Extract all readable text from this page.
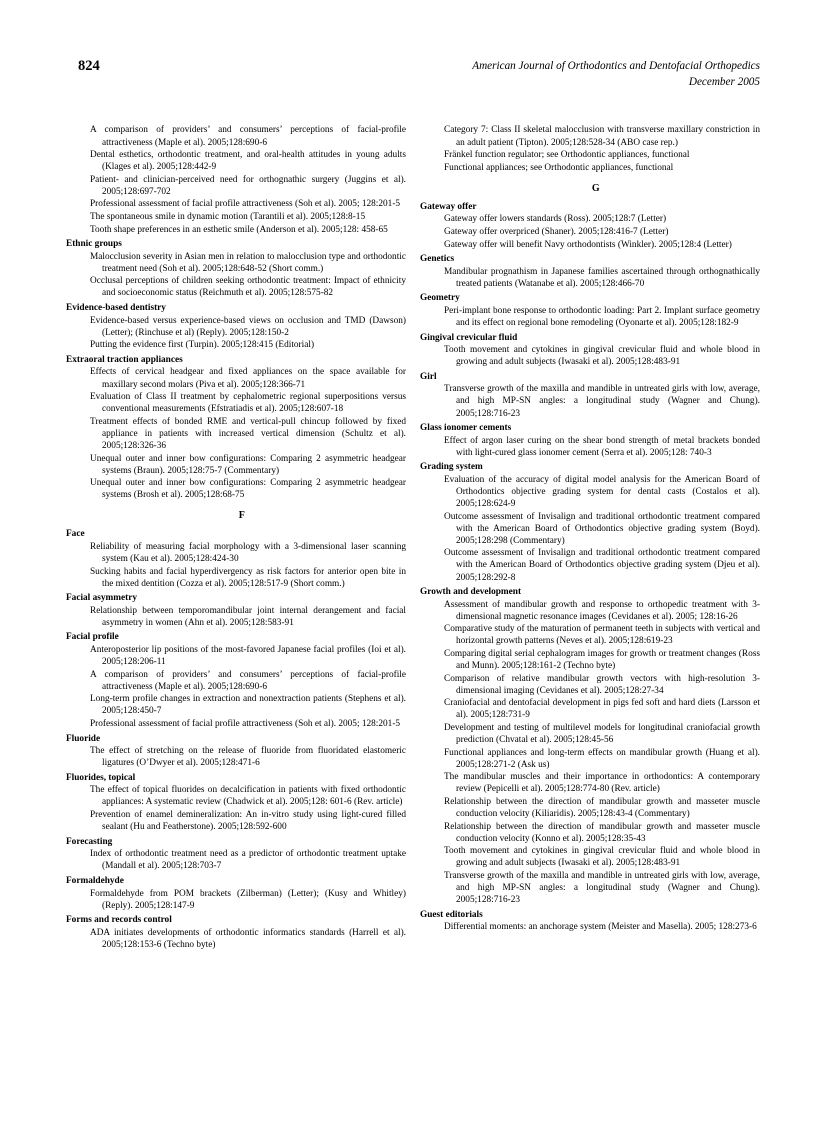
824	American Journal of Orthodontics and Dentofacial Orthopedics
December 2005
A comparison of providers’ and consumers’ perceptions of facial-profile attractiveness (Maple et al). 2005;128:690-6
Dental esthetics, orthodontic treatment, and oral-health attitudes in young adults (Klages et al). 2005;128:442-9
Patient- and clinician-perceived need for orthognathic surgery (Juggins et al). 2005;128:697-702
Professional assessment of facial profile attractiveness (Soh et al). 2005; 128:201-5
The spontaneous smile in dynamic motion (Tarantili et al). 2005;128:8-15
Tooth shape preferences in an esthetic smile (Anderson et al). 2005;128: 458-65
Ethnic groups
Malocclusion severity in Asian men in relation to malocclusion type and orthodontic treatment need (Soh et al). 2005;128:648-52 (Short comm.)
Occlusal perceptions of children seeking orthodontic treatment: Impact of ethnicity and socioeconomic status (Reichmuth et al). 2005;128:575-82
Evidence-based dentistry
Evidence-based versus experience-based views on occlusion and TMD (Dawson) (Letter); (Rinchuse et al) (Reply). 2005;128:150-2
Putting the evidence first (Turpin). 2005;128:415 (Editorial)
Extraoral traction appliances
Effects of cervical headgear and fixed appliances on the space available for maxillary second molars (Piva et al). 2005;128:366-71
Evaluation of Class II treatment by cephalometric regional superpositions versus conventional measurements (Efstratiadis et al). 2005;128:607-18
Treatment effects of bonded RME and vertical-pull chincup followed by fixed appliance in patients with increased vertical dimension (Schultz et al). 2005;128:326-36
Unequal outer and inner bow configurations: Comparing 2 asymmetric headgear systems (Braun). 2005;128:75-7 (Commentary)
Unequal outer and inner bow configurations: Comparing 2 asymmetric headgear systems (Brosh et al). 2005;128:68-75
F
Face
Reliability of measuring facial morphology with a 3-dimensional laser scanning system (Kau et al). 2005;128:424-30
Sucking habits and facial hyperdivergency as risk factors for anterior open bite in the mixed dentition (Cozza et al). 2005;128:517-9 (Short comm.)
Facial asymmetry
Relationship between temporomandibular joint internal derangement and facial asymmetry in women (Ahn et al). 2005;128:583-91
Facial profile
Anteroposterior lip positions of the most-favored Japanese facial profiles (Ioi et al). 2005;128:206-11
A comparison of providers’ and consumers’ perceptions of facial-profile attractiveness (Maple et al). 2005;128:690-6
Long-term profile changes in extraction and nonextraction patients (Stephens et al). 2005;128:450-7
Professional assessment of facial profile attractiveness (Soh et al). 2005; 128:201-5
Fluoride
The effect of stretching on the release of fluoride from fluoridated elastomeric ligatures (O’Dwyer et al). 2005;128:471-6
Fluorides, topical
The effect of topical fluorides on decalcification in patients with fixed orthodontic appliances: A systematic review (Chadwick et al). 2005;128: 601-6 (Rev. article)
Prevention of enamel demineralization: An in-vitro study using light-cured filled sealant (Hu and Featherstone). 2005;128:592-600
Forecasting
Index of orthodontic treatment need as a predictor of orthodontic treatment uptake (Mandall et al). 2005;128:703-7
Formaldehyde
Formaldehyde from POM brackets (Zilberman) (Letter); (Kusy and Whitley) (Reply). 2005;128:147-9
Forms and records control
ADA initiates developments of orthodontic informatics standards (Harrell et al). 2005;128:153-6 (Techno byte)
Category 7: Class II skeletal malocclusion with transverse maxillary constriction in an adult patient (Tipton). 2005;128:528-34 (ABO case rep.)
Fränkel function regulator; see Orthodontic appliances, functional
Functional appliances; see Orthodontic appliances, functional
G
Gateway offer
Gateway offer lowers standards (Ross). 2005;128:7 (Letter)
Gateway offer overpriced (Shaner). 2005;128:416-7 (Letter)
Gateway offer will benefit Navy orthodontists (Winkler). 2005;128:4 (Letter)
Genetics
Mandibular prognathism in Japanese families ascertained through orthognathically treated patients (Watanabe et al). 2005;128:466-70
Geometry
Peri-implant bone response to orthodontic loading: Part 2. Implant surface geometry and its effect on regional bone remodeling (Oyonarte et al). 2005;128:182-9
Gingival crevicular fluid
Tooth movement and cytokines in gingival crevicular fluid and whole blood in growing and adult subjects (Iwasaki et al). 2005;128:483-91
Girl
Transverse growth of the maxilla and mandible in untreated girls with low, average, and high MP-SN angles: a longitudinal study (Wagner and Chung). 2005;128:716-23
Glass ionomer cements
Effect of argon laser curing on the shear bond strength of metal brackets bonded with light-cured glass ionomer cement (Serra et al). 2005;128: 740-3
Grading system
Evaluation of the accuracy of digital model analysis for the American Board of Orthodontics objective grading system for dental casts (Costalos et al). 2005;128:624-9
Outcome assessment of Invisalign and traditional orthodontic treatment compared with the American Board of Orthodontics objective grading system (Boyd). 2005;128:298 (Commentary)
Outcome assessment of Invisalign and traditional orthodontic treatment compared with the American Board of Orthodontics objective grading system (Djeu et al). 2005;128:292-8
Growth and development
Assessment of mandibular growth and response to orthopedic treatment with 3-dimensional magnetic resonance images (Cevidanes et al). 2005; 128:16-26
Comparative study of the maturation of permanent teeth in subjects with vertical and horizontal growth patterns (Neves et al). 2005;128:619-23
Comparing digital serial cephalogram images for growth or treatment changes (Ross and Munn). 2005;128:161-2 (Techno byte)
Comparison of relative mandibular growth vectors with high-resolution 3-dimensional imaging (Cevidanes et al). 2005;128:27-34
Craniofacial and dentofacial development in pigs fed soft and hard diets (Larsson et al). 2005;128:731-9
Development and testing of multilevel models for longitudinal craniofacial growth prediction (Chvatal et al). 2005;128:45-56
Functional appliances and long-term effects on mandibular growth (Huang et al). 2005;128:271-2 (Ask us)
The mandibular muscles and their importance in orthodontics: A contemporary review (Pepicelli et al). 2005;128:774-80 (Rev. article)
Relationship between the direction of mandibular growth and masseter muscle conduction velocity (Kiliaridis). 2005;128:43-4 (Commentary)
Relationship between the direction of mandibular growth and masseter muscle conduction velocity (Konno et al). 2005;128:35-43
Tooth movement and cytokines in gingival crevicular fluid and whole blood in growing and adult subjects (Iwasaki et al). 2005;128:483-91
Transverse growth of the maxilla and mandible in untreated girls with low, average, and high MP-SN angles: a longitudinal study (Wagner and Chung). 2005;128:716-23
Guest editorials
Differential moments: an anchorage system (Meister and Masella). 2005; 128:273-6
